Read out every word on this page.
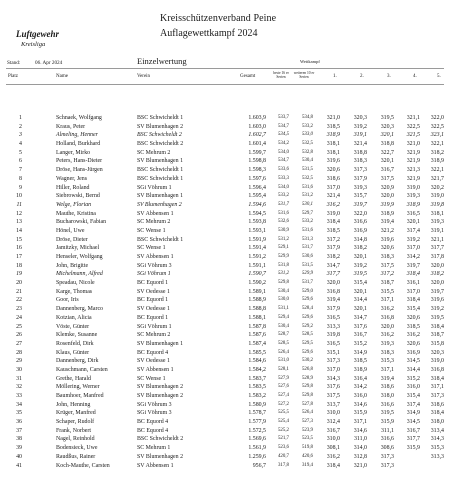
Kreisschützenverband Peine
Auflagewettkampf 2024
Luftgewehr
Kreisliga
Stand:	06. Apr 2024	Einzelwertung	Wettkampf
Platz	Name	Verein	Gesamt
beste 16 er Serien
weiteren 10 er Serien	1.	2.	3.	4.	5.
1	Schnaek, Wolfgang	BSC Schwicheldt 1	1.603,9	533,7	534,8	321,0	320,3	319,5	321,1	322,0
2	Kraus, Peter	SV Blumenhagen 2	1.603,0	534,7	533,2	318,5	319,2	320,3	322,5	322,5
3	Almeling, Henner	BSC Schwicheldt 2	1.602,7	534,5	533,0	318,9	319,1	320,1	321,5	323,1
4	Holland, Burkhard	BSC Schwicheldt 2	1.601,4	534,2	532,5	318,1	321,4	318,8	321,0	322,1
5	Langer, Mirko	SC Mehrum 2	1.599,7	534,0	532,8	318,1	318,8	322,7	321,9	318,2
6	Peters, Hans-Dieter	SV Blumenhagen 1	1.598,8	534,7	530,4	319,6	318,3	320,1	321,9	318,9
7	Dröse, Hans-Jürgen	BSC Schwicheldt 1	1.598,3	533,6	531,5	320,6	317,3	316,7	321,3	322,1
8	Wagner, Jens	BSC Schwicheldt 1	1.597,6	533,3	532,5	318,6	317,9	317,5	321,9	321,7
9	Hiller, Roland	SGi Vöhrum 1	1.596,4	534,0	531,6	317,0	319,3	320,9	319,0	320,2
10	Siebrowski, Bernd	SV Blumenhagen 1	1.595,4	533,2	531,2	321,4	315,7	320,0	319,3	319,0
11	Welge, Florian	SV Blumenhagen 2	1.594,6	531,7	530,1	316,2	319,7	319,9	318,9	319,8
12	Mauthe, Kristina	SV Abbensen 1	1.594,5	531,6	529,7	319,0	322,0	318,9	316,5	318,1
13	Bucharowski, Fabian	SC Mehrum 2	1.593,8	532,6	533,2	318,4	316,6	319,4	320,1	319,3
14	Hönel, Uwe	SC Wense 1	1.593,1	530,9	531,6	318,5	316,9	321,2	317,4	319,1
15	Dröse, Dieter	BSC Schwicheldt 1	1.591,9	531,2	531,3	317,2	314,8	319,6	319,2	321,1
16	Jamitzky, Michael	SC Wense 1	1.591,4	529,1	531,7	317,9	318,2	320,6	317,0	317,7
17	Henseler, Wolfgang	SV Abbensen 1	1.591,2	529,9	530,6	318,2	320,1	318,3	314,2	317,8
18	John, Brigitte	SGi Vöhrum 3	1.591,1	531,8	531,5	314,7	319,2	317,5	319,7	320,0
19	Michelmann, Alfred	SGi Vöhrum 1	1.590,7	531,2	529,9	317,7	319,5	317,2	318,4	318,2
20	Speadau, Nicole	BC Equord 1	1.590,2	529,8	531,7	320,0	315,4	318,7	316,1	320,0
21	Karge, Thomas	SV Oedesse 1	1.589,1	530,4	529,0	316,8	320,1	315,5	317,0	319,7
22	Goor, Iris	BC Equord 1	1.588,9	530,0	529,6	319,4	314,4	317,1	318,4	319,6
23	Dannenberg, Marco	SV Oedesse 1	1.588,8	531,1	528,4	317,9	320,1	316,2	315,4	319,2
24	Kotzian, Alicia	BC Equord 1	1.588,1	529,4	529,6	316,5	314,7	316,8	320,6	319,5
25	Vöste, Günter	SGi Vöhrum 1	1.587,8	530,4	529,2	313,3	317,6	320,0	318,5	318,4
26	Klemke, Susanne	SC Mehrum 2	1.587,6	528,7	528,5	319,8	316,7	316,2	316,2	318,7
27	Rosenfeld, Dirk	SV Blumenhagen 1	1.587,4	528,5	529,5	316,5	315,2	319,3	320,6	315,8
28	Klaus, Günter	BC Equord 4	1.585,5	526,4	529,6	315,1	314,9	318,3	316,9	320,3
29	Dannenberg, Dirk	SV Oedesse 1	1.584,6	531,0	530,2	317,3	318,5	315,3	314,5	319,0
30	Kauschmann, Carsten	SV Abbensen 1	1.584,2	528,1	526,8	317,0	318,9	317,1	314,4	316,8
31	Grethe, Harald	SC Wense 1	1.583,7	527,9	528,9	314,3	316,4	319,4	315,2	318,4
32	Möllering, Werner	SV Blumenhagen 2	1.583,5	527,6	529,8	317,6	314,2	318,6	316,0	317,1
33	Baumhoer, Manfred	SV Blumenhagen 2	1.583,2	527,4	529,8	317,5	316,0	318,0	315,4	317,3
34	John, Henning	SGi Vöhrum 3	1.580,9	527,2	527,8	313,7	314,6	316,6	317,4	318,6
35	Krüger, Manfred	SGi Vöhrum 3	1.578,7	525,5	526,4	310,0	315,9	319,5	314,9	318,4
36	Schaper, Rudolf	BC Equord 4	1.577,9	525,4	527,3	312,4	317,1	315,9	314,5	318,0
37	Frank, Norbert	BC Equord 4	1.572,5	525,2	523,9	316,7	314,6	311,1	316,7	313,4
38	Nagel, Reinhold	BSC Schwicheldt 2	1.569,6	521,7	523,5	310,0	311,0	316,6	317,7	314,3
39	Bodensieck, Uwe	SC Mehrum 1	1.561,9	523,6	519,8	308,1	314,0	308,6	315,9	315,3
40	Raudßus, Rainer	SV Blumenhagen 2	1.259,6	420,7	420,6	316,2	312,8	317,3	313,3
41	Koch-Mauthe, Carsten	SV Abbensen 1	956,7	317,8	319,4	318,4	321,0	317,3
